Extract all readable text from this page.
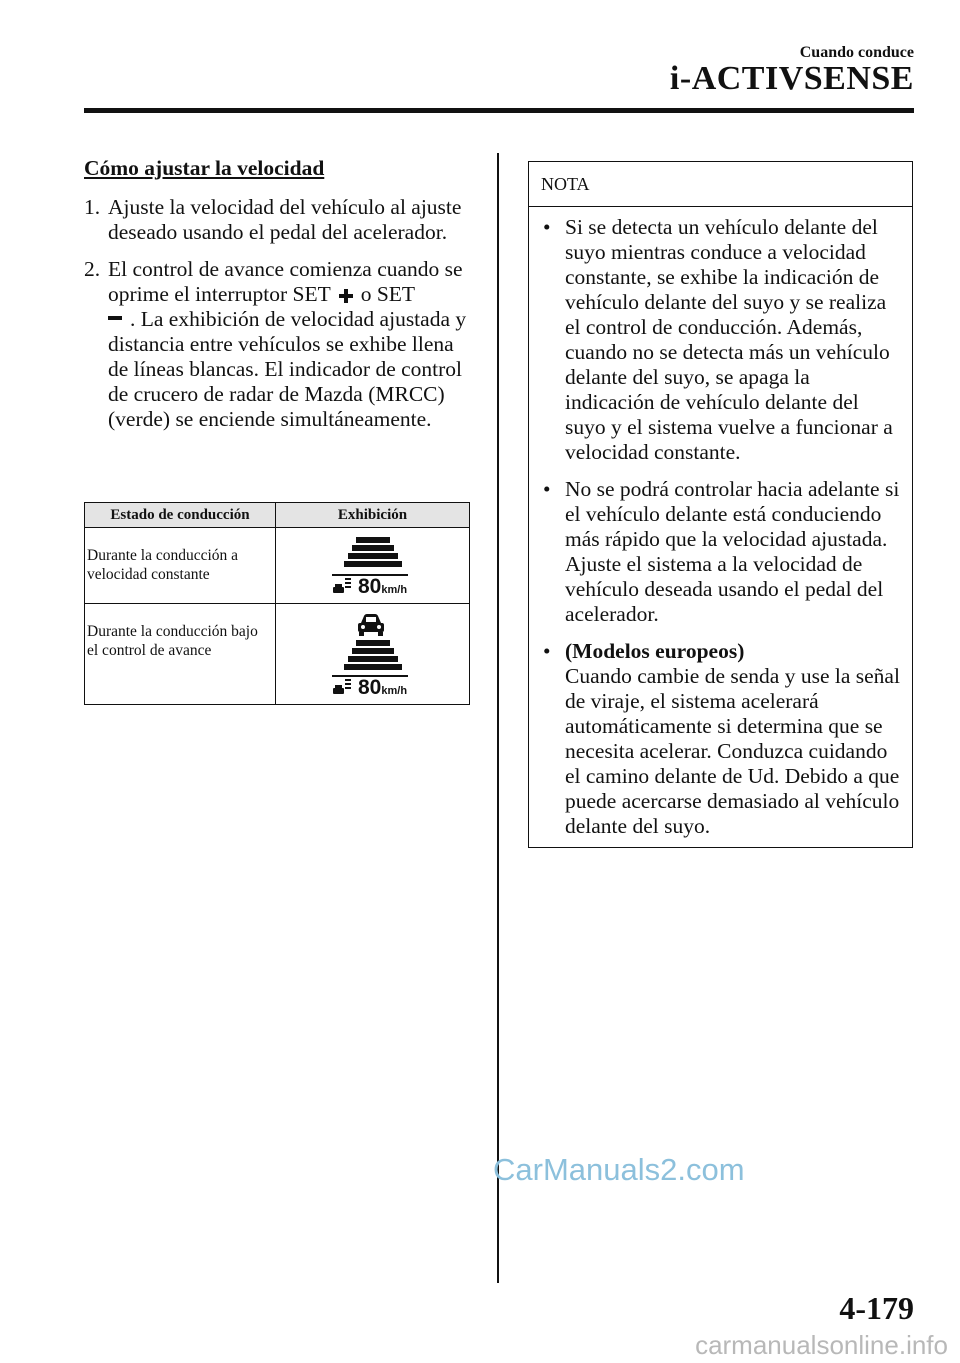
Cuando conduce
i-ACTIVSENSE
Cómo ajustar la velocidad
1. Ajuste la velocidad del vehículo al ajuste deseado usando el pedal del acelerador.
2. El control de avance comienza cuando se oprime el interruptor SET o SET
. La exhibición de velocidad ajustada y distancia entre vehículos se exhibe llena de líneas blancas. El indicador de control de crucero de radar de Mazda (MRCC) (verde) se enciende simultáneamente.
Estado de conducción	Exhibición
Durante la conducción a velocidad constante	80km/h

Durante la conducción bajo el control de avance	80km/h
NOTA
• Si se detecta un vehículo delante del suyo mientras conduce a velocidad constante, se exhibe la indicación de vehículo delante del suyo y se realiza el control de conducción. Además, cuando no se detecta más un vehículo delante del suyo, se apaga la indicación de vehículo delante del suyo y el sistema vuelve a funcionar a velocidad constante.
• No se podrá controlar hacia adelante si el vehículo delante está conduciendo más rápido que la velocidad ajustada. Ajuste el sistema a la velocidad de vehículo deseada usando el pedal del acelerador.
• (Modelos europeos)
Cuando cambie de senda y use la señal de viraje, el sistema acelerará automáticamente si determina que se necesita acelerar. Conduzca cuidando el camino delante de Ud. Debido a que puede acercarse demasiado al vehículo delante del suyo.
CarManuals2.com
4-179
carmanualsonline.info
